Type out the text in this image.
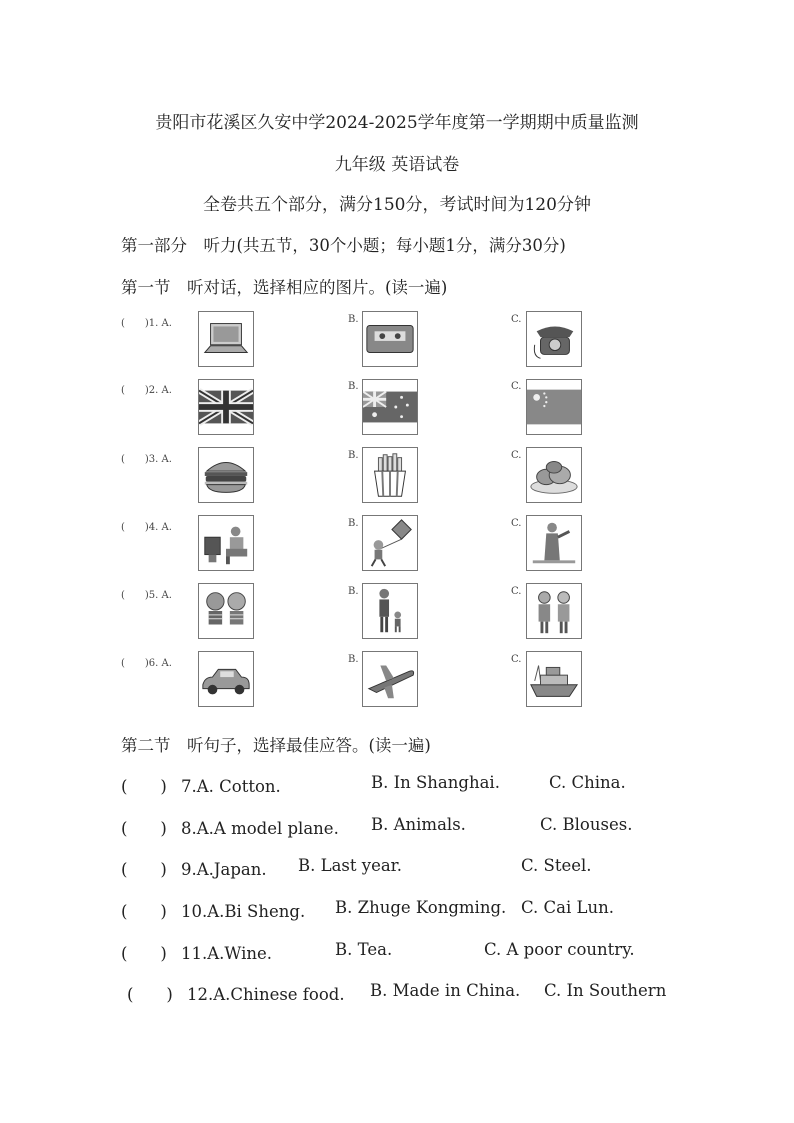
贵阳市花溪区久安中学2024-2025学年度第一学期期中质量监测
九年级 英语试卷
全卷共五个部分，满分150分，考试时间为120分钟
第一部分　听力(共五节，30个小题；每小题1分，满分30分)
第一节　听对话，选择相应的图片。(读一遍)
(　　)1. A.	B.	C.
(　　)2. A.	B.	C.
(　　)3. A.	B.	C.
(　　)4. A.	B.	C.
(　　)5. A.	B.	C.
(　　)6. A.	B.	C.
第二节　听句子，选择最佳应答。(读一遍)
(　　) 7.A. Cotton.	B. In Shanghai.	C. China.
(　　) 8.A.A model plane. B. Animals.	C. Blouses.
(　　) 9.A.Japan. B. Last year.	C. Steel.
(　　) 10.A.Bi Sheng. B. Zhuge Kongming. C. Cai Lun.
(　　) 11.A.Wine.	B. Tea.	C. A poor country.
(　　) 12.A.Chinese food. B. Made in China. C. In Southern
